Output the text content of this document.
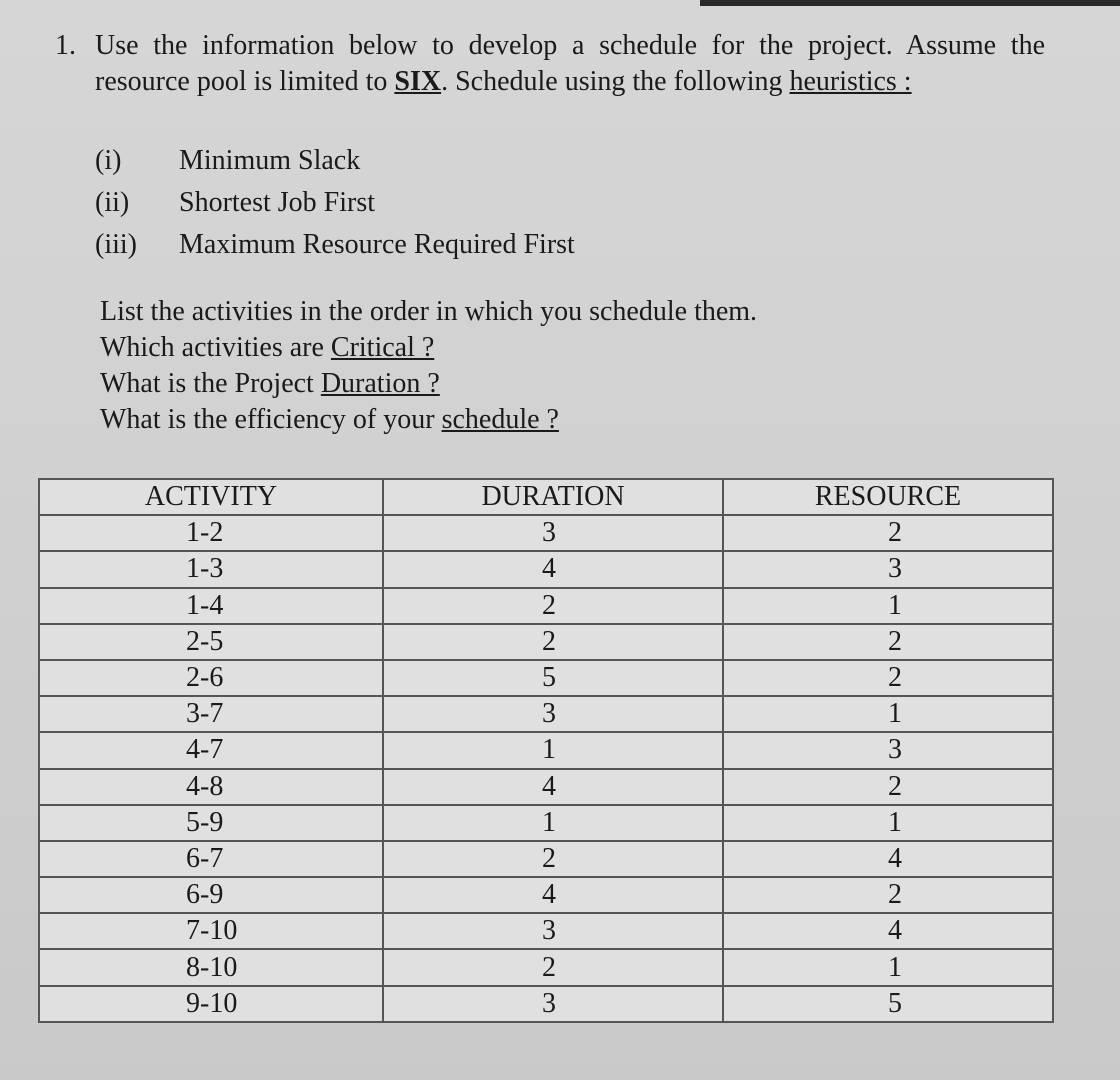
1. Use the information below to develop a schedule for the project. Assume the resource pool is limited to SIX. Schedule using the following heuristics :
(i)	Minimum Slack
(ii)	Shortest Job First
(iii)	Maximum Resource Required First
List the activities in the order in which you schedule them.
Which activities are Critical ?
What is the Project Duration ?
What is the efficiency of your schedule ?
ACTIVITY	DURATION	RESOURCE
1-2	3	2
1-3	4	3
1-4	2	1
2-5	2	2
2-6	5	2
3-7	3	1
4-7	1	3
4-8	4	2
5-9	1	1
6-7	2	4
6-9	4	2
7-10	3	4
8-10	2	1
9-10	3	5
